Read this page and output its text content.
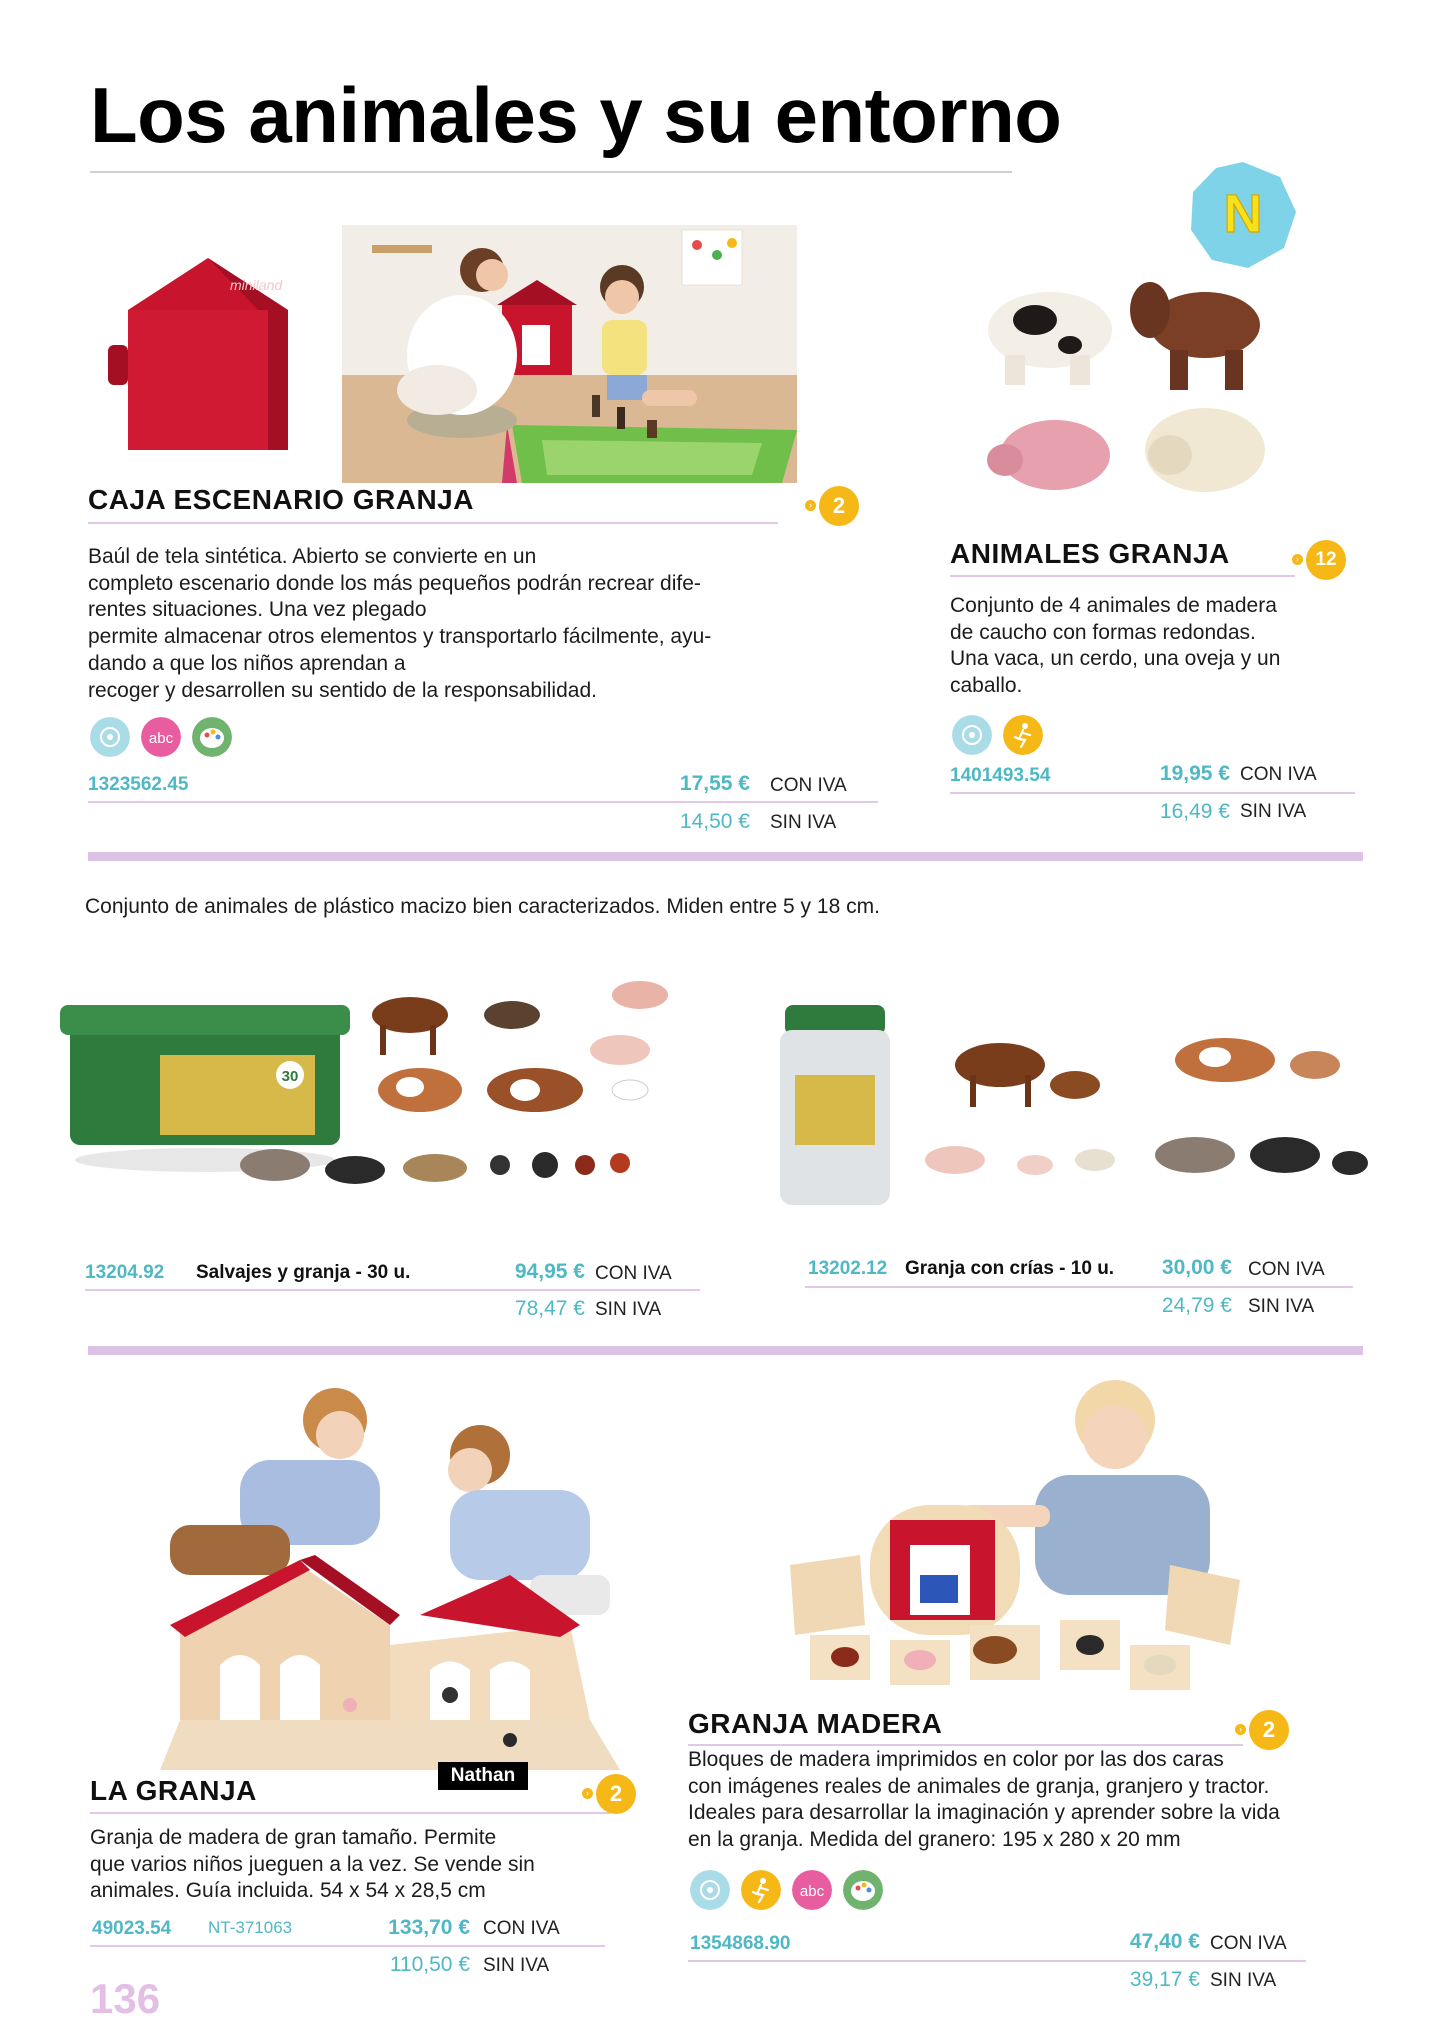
Los animales y su entorno
N
miniland
CAJA ESCENARIO GRANJA	› 2
Baúl de tela sintética. Abierto se convierte en un
completo escenario donde los más pequeños podrán recrear dife-
rentes situaciones. Una vez plegado
permite almacenar otros elementos y transportarlo fácilmente, ayu-
dando a que los niños aprendan a
recoger y desarrollen su sentido de la responsabilidad.
abc
1323562.45	17,55 € CON IVA
14,50 € SIN IVA
ANIMALES GRANJA	› 12
Conjunto de 4 animales de madera
de caucho con formas redondas.
Una vaca, un cerdo, una oveja y un
caballo.
1401493.54	19,95 € CON IVA
16,49 € SIN IVA
Conjunto de animales de plástico macizo bien caracterizados. Miden entre 5 y 18 cm.
30
13204.92 Salvajes y granja - 30 u.	94,95 € CON IVA
78,47 € SIN IVA
13202.12 Granja con crías - 10 u.	30,00 € CON IVA
24,79 € SIN IVA
LA GRANJA	Nathan
› 2
Granja de madera de gran tamaño. Permite
que varios niños jueguen a la vez. Se vende sin
animales. Guía incluida. 54 x 54 x 28,5 cm
49023.54 NT-371063	133,70 € CON IVA
110,50 € SIN IVA
GRANJA MADERA	› 2
Bloques de madera imprimidos en color por las dos caras
con imágenes reales de animales de granja, granjero y tractor.
Ideales para desarrollar la imaginación y aprender sobre la vida
en la granja. Medida del granero: 195 x 280 x 20 mm
abc
1354868.90	47,40 € CON IVA
39,17 € SIN IVA
136
